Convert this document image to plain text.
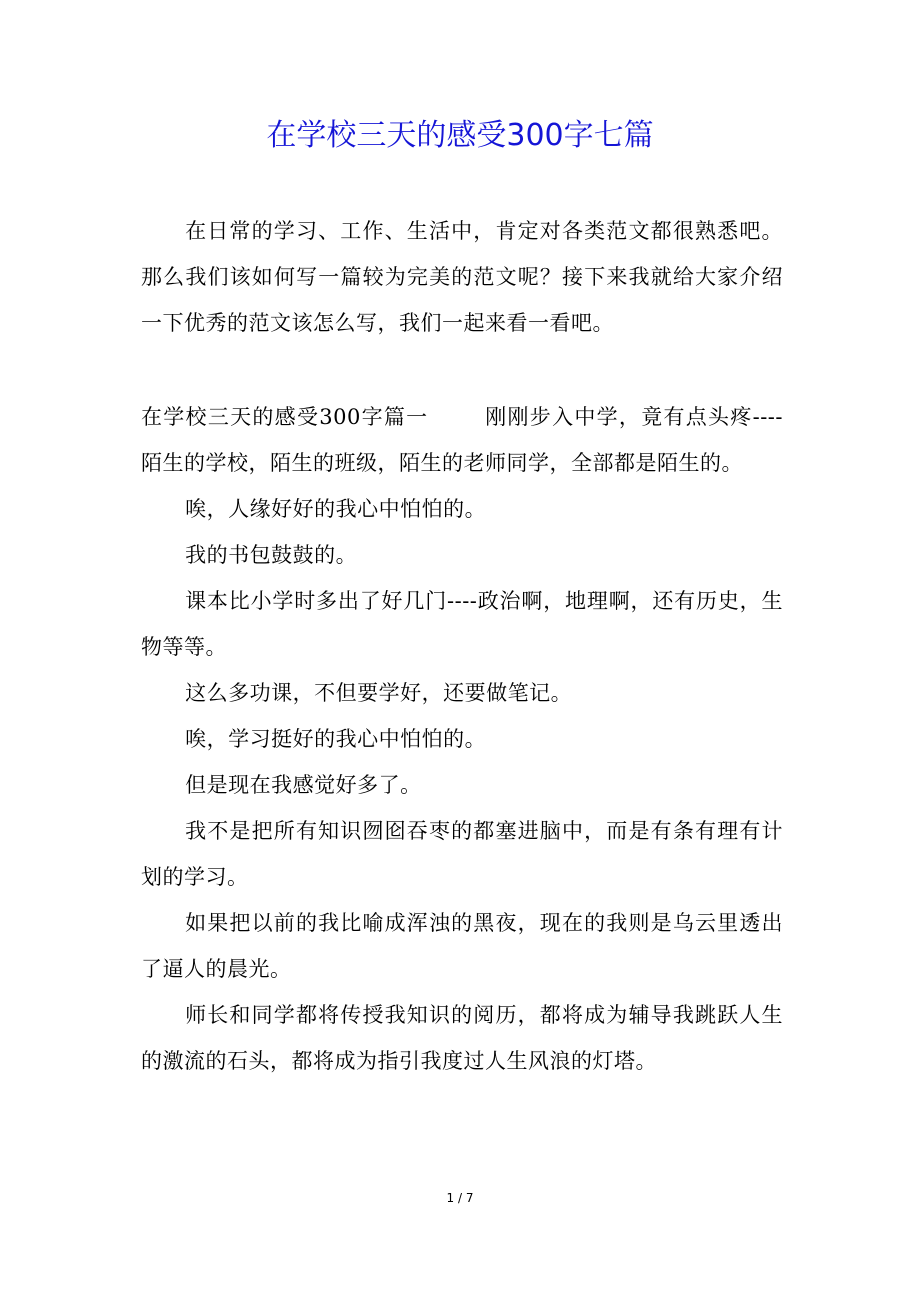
在学校三天的感受300字七篇

在日常的学习、工作、生活中，肯定对各类范文都很熟悉吧。那么我们该如何写一篇较为完美的范文呢？接下来我就给大家介绍一下优秀的范文该怎么写，我们一起来看一看吧。

在学校三天的感受300字篇一	刚刚步入中学，竟有点头疼----陌生的学校，陌生的班级，陌生的老师同学，全部都是陌生的。

唉，人缘好好的我心中怕怕的。

我的书包鼓鼓的。

课本比小学时多出了好几门----政治啊，地理啊，还有历史，生物等等。

这么多功课，不但要学好，还要做笔记。

唉，学习挺好的我心中怕怕的。

但是现在我感觉好多了。

我不是把所有知识囫囵吞枣的都塞进脑中，而是有条有理有计划的学习。

如果把以前的我比喻成浑浊的黑夜，现在的我则是乌云里透出了逼人的晨光。

师长和同学都将传授我知识的阅历，都将成为辅导我跳跃人生的激流的石头，都将成为指引我度过人生风浪的灯塔。

1 / 7
